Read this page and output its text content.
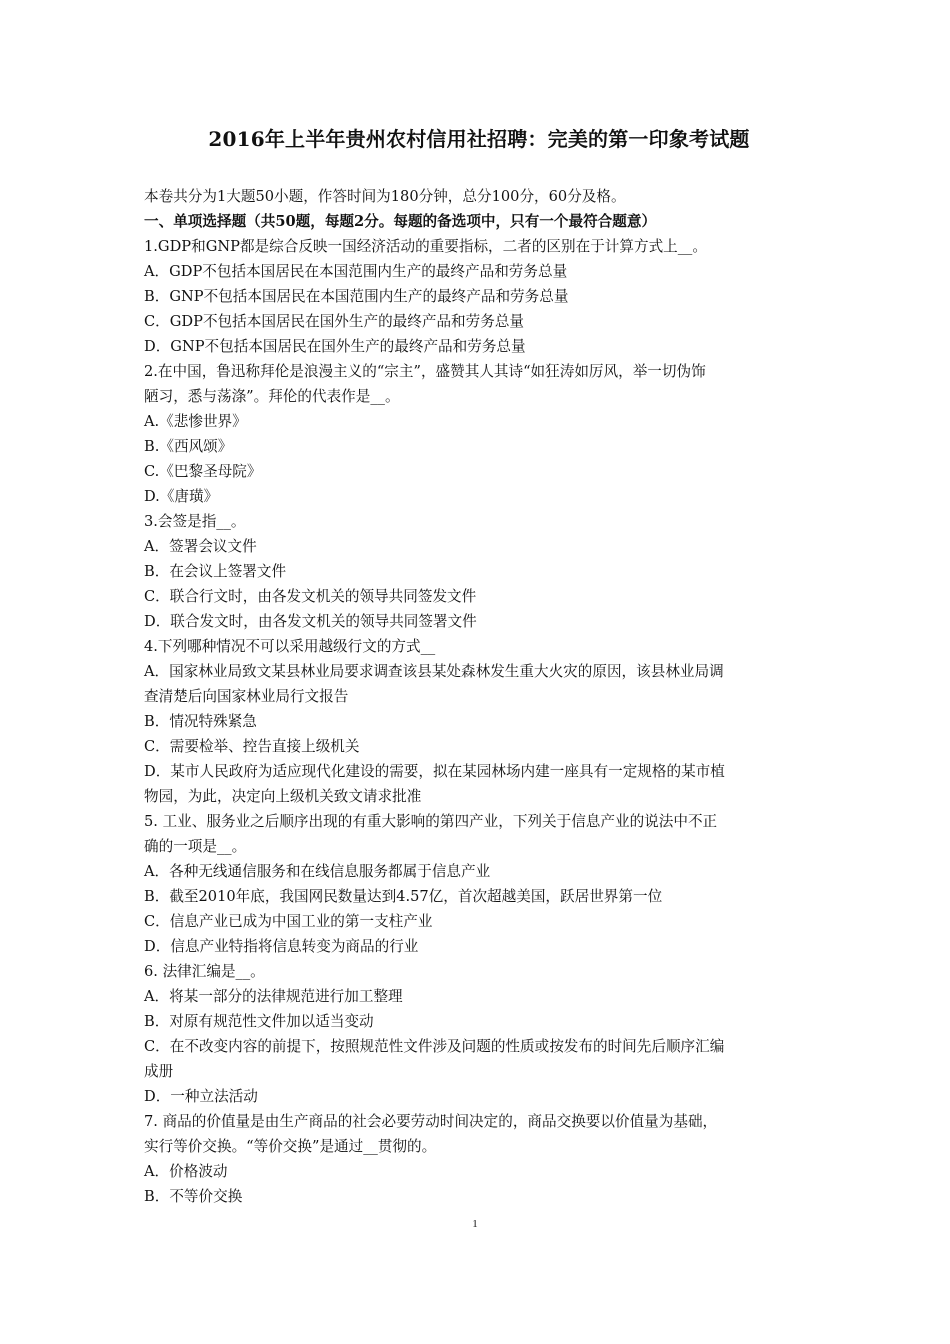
2016年上半年贵州农村信用社招聘：完美的第一印象考试题
本卷共分为1大题50小题，作答时间为180分钟，总分100分，60分及格。
一、单项选择题（共50题，每题2分。每题的备选项中，只有一个最符合题意）
1.GDP和GNP都是综合反映一国经济活动的重要指标，二者的区别在于计算方式上__。
A．GDP不包括本国居民在本国范围内生产的最终产品和劳务总量
B．GNP不包括本国居民在本国范围内生产的最终产品和劳务总量
C．GDP不包括本国居民在国外生产的最终产品和劳务总量
D．GNP不包括本国居民在国外生产的最终产品和劳务总量
2.在中国，鲁迅称拜伦是浪漫主义的“宗主”，盛赞其人其诗“如狂涛如厉风，举一切伪饰
陋习，悉与荡涤”。拜伦的代表作是__。
A.《悲惨世界》
B.《西风颂》
C.《巴黎圣母院》
D.《唐璜》
3.会签是指__。
A．签署会议文件
B．在会议上签署文件
C．联合行文时，由各发文机关的领导共同签发文件
D．联合发文时，由各发文机关的领导共同签署文件
4.下列哪种情况不可以采用越级行文的方式__
A．国家林业局致文某县林业局要求调查该县某处森林发生重大火灾的原因，该县林业局调
查清楚后向国家林业局行文报告
B．情况特殊紧急
C．需要检举、控告直接上级机关
D．某市人民政府为适应现代化建设的需要，拟在某园林场内建一座具有一定规格的某市植
物园，为此，决定向上级机关致文请求批准
5. 工业、服务业之后顺序出现的有重大影响的第四产业，下列关于信息产业的说法中不正
确的一项是__。
A．各种无线通信服务和在线信息服务都属于信息产业
B．截至2010年底，我国网民数量达到4.57亿，首次超越美国，跃居世界第一位
C．信息产业已成为中国工业的第一支柱产业
D．信息产业特指将信息转变为商品的行业
6. 法律汇编是__。
A．将某一部分的法律规范进行加工整理
B．对原有规范性文件加以适当变动
C．在不改变内容的前提下，按照规范性文件涉及问题的性质或按发布的时间先后顺序汇编
成册
D．一种立法活动
7. 商品的价值量是由生产商品的社会必要劳动时间决定的，商品交换要以价值量为基础，
实行等价交换。“等价交换”是通过__贯彻的。
A．价格波动
B．不等价交换
1
